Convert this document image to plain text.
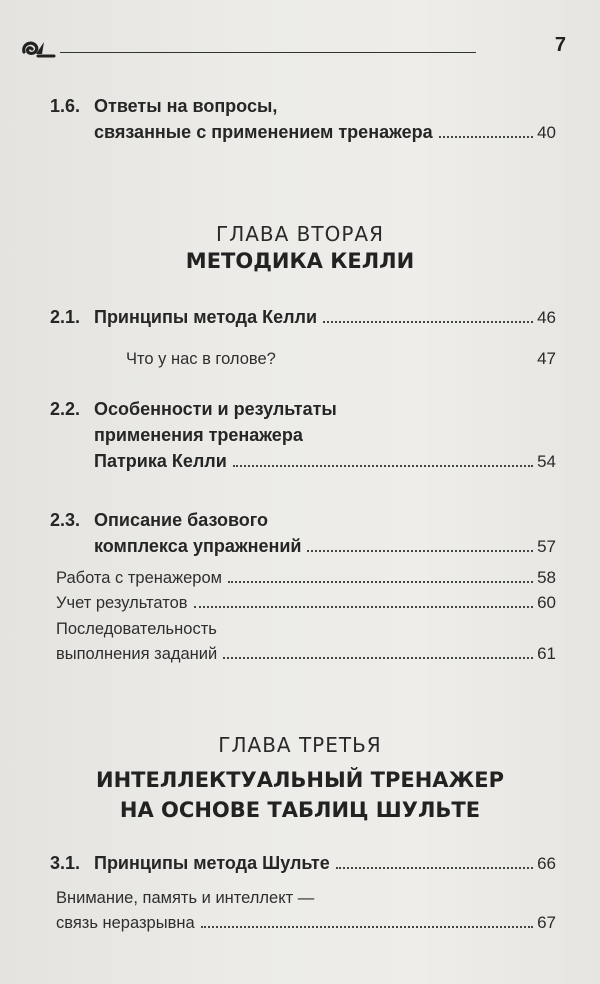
7
1.6. Ответы на вопросы,
связанные с применением тренажера	40
ГЛАВА ВТОРАЯ
МЕТОДИКА КЕЛЛИ
2.1. Принципы метода Келли	46
Что у нас в голове?	47
2.2. Особенности и результаты
применения тренажера
Патрика Келли	54
2.3. Описание базового
комплекса упражнений	57
Работа с тренажером	58
Учет результатов	60
Последовательность
выполнения заданий	61
ГЛАВА ТРЕТЬЯ
ИНТЕЛЛЕКТУАЛЬНЫЙ ТРЕНАЖЕР
НА ОСНОВЕ ТАБЛИЦ ШУЛЬТЕ
3.1. Принципы метода Шульте	66
Внимание, память и интеллект —
связь неразрывна	67
